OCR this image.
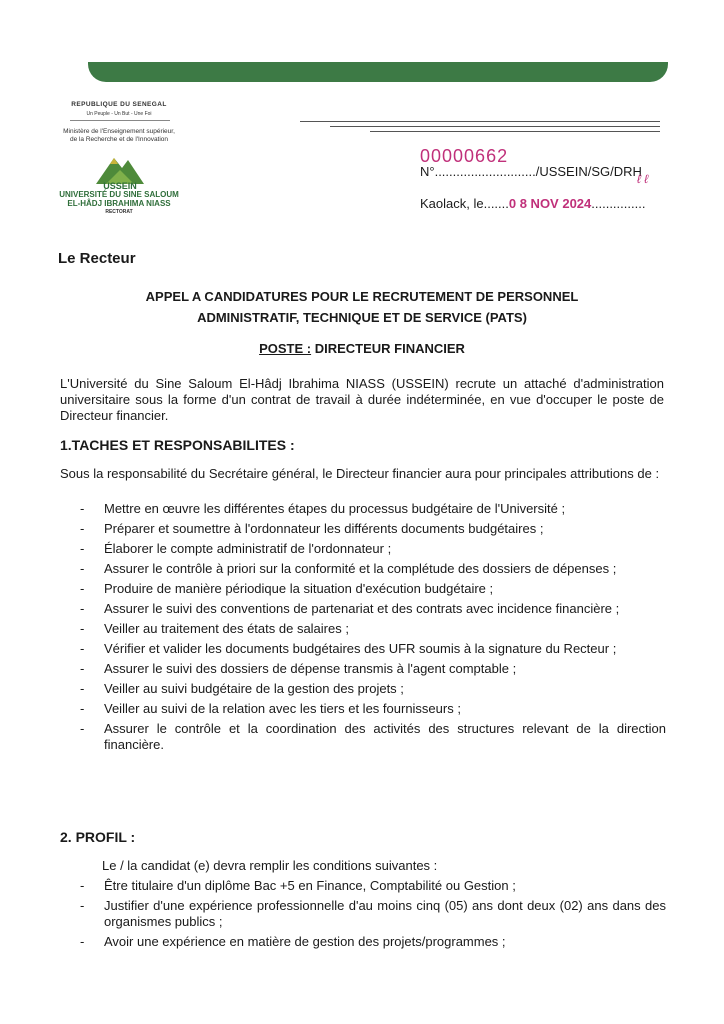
REPUBLIQUE DU SENEGAL
Un Peuple - Un But - Une Foi
Ministère de l'Enseignement supérieur,
de la Recherche et de l'Innovation
USSEIN
UNIVERSITÉ DU SINE SALOUM
EL-HÂDJ IBRAHIMA NIASS
RECTORAT
00000662
N°............................/USSEIN/SG/DRH
ℓ ℓ
Kaolack, le.......0 8 NOV 2024...............
Le Recteur
APPEL A CANDIDATURES POUR LE RECRUTEMENT DE PERSONNEL
ADMINISTRATIF, TECHNIQUE ET DE SERVICE (PATS)
POSTE : DIRECTEUR FINANCIER
L'Université du Sine Saloum El-Hâdj Ibrahima NIASS (USSEIN) recrute un attaché d'administration universitaire sous la forme d'un contrat de travail à durée indéterminée, en vue d'occuper le poste de Directeur financier.
1.TACHES ET RESPONSABILITES :
Sous la responsabilité du Secrétaire général, le Directeur financier aura pour principales attributions de :
- Mettre en œuvre les différentes étapes du processus budgétaire de l'Université ;
- Préparer et soumettre à l'ordonnateur les différents documents budgétaires ;
- Élaborer le compte administratif de l'ordonnateur ;
- Assurer le contrôle à priori sur la conformité et la complétude des dossiers de dépenses ;
- Produire de manière périodique la situation d'exécution budgétaire ;
- Assurer le suivi des conventions de partenariat et des contrats avec incidence financière ;
- Veiller au traitement des états de salaires ;
- Vérifier et valider les documents budgétaires des UFR soumis à la signature du Recteur ;
- Assurer le suivi des dossiers de dépense transmis à l'agent comptable ;
- Veiller au suivi budgétaire de la gestion des projets ;
- Veiller au suivi de la relation avec les tiers et les fournisseurs ;
- Assurer le contrôle et la coordination des activités des structures relevant de la direction financière.
2. PROFIL :
Le / la candidat (e) devra remplir les conditions suivantes :
- Être titulaire d'un diplôme Bac +5 en Finance, Comptabilité ou Gestion ;
- Justifier d'une expérience professionnelle d'au moins cinq (05) ans dont deux (02) ans dans des organismes publics ;
- Avoir une expérience en matière de gestion des projets/programmes ;
